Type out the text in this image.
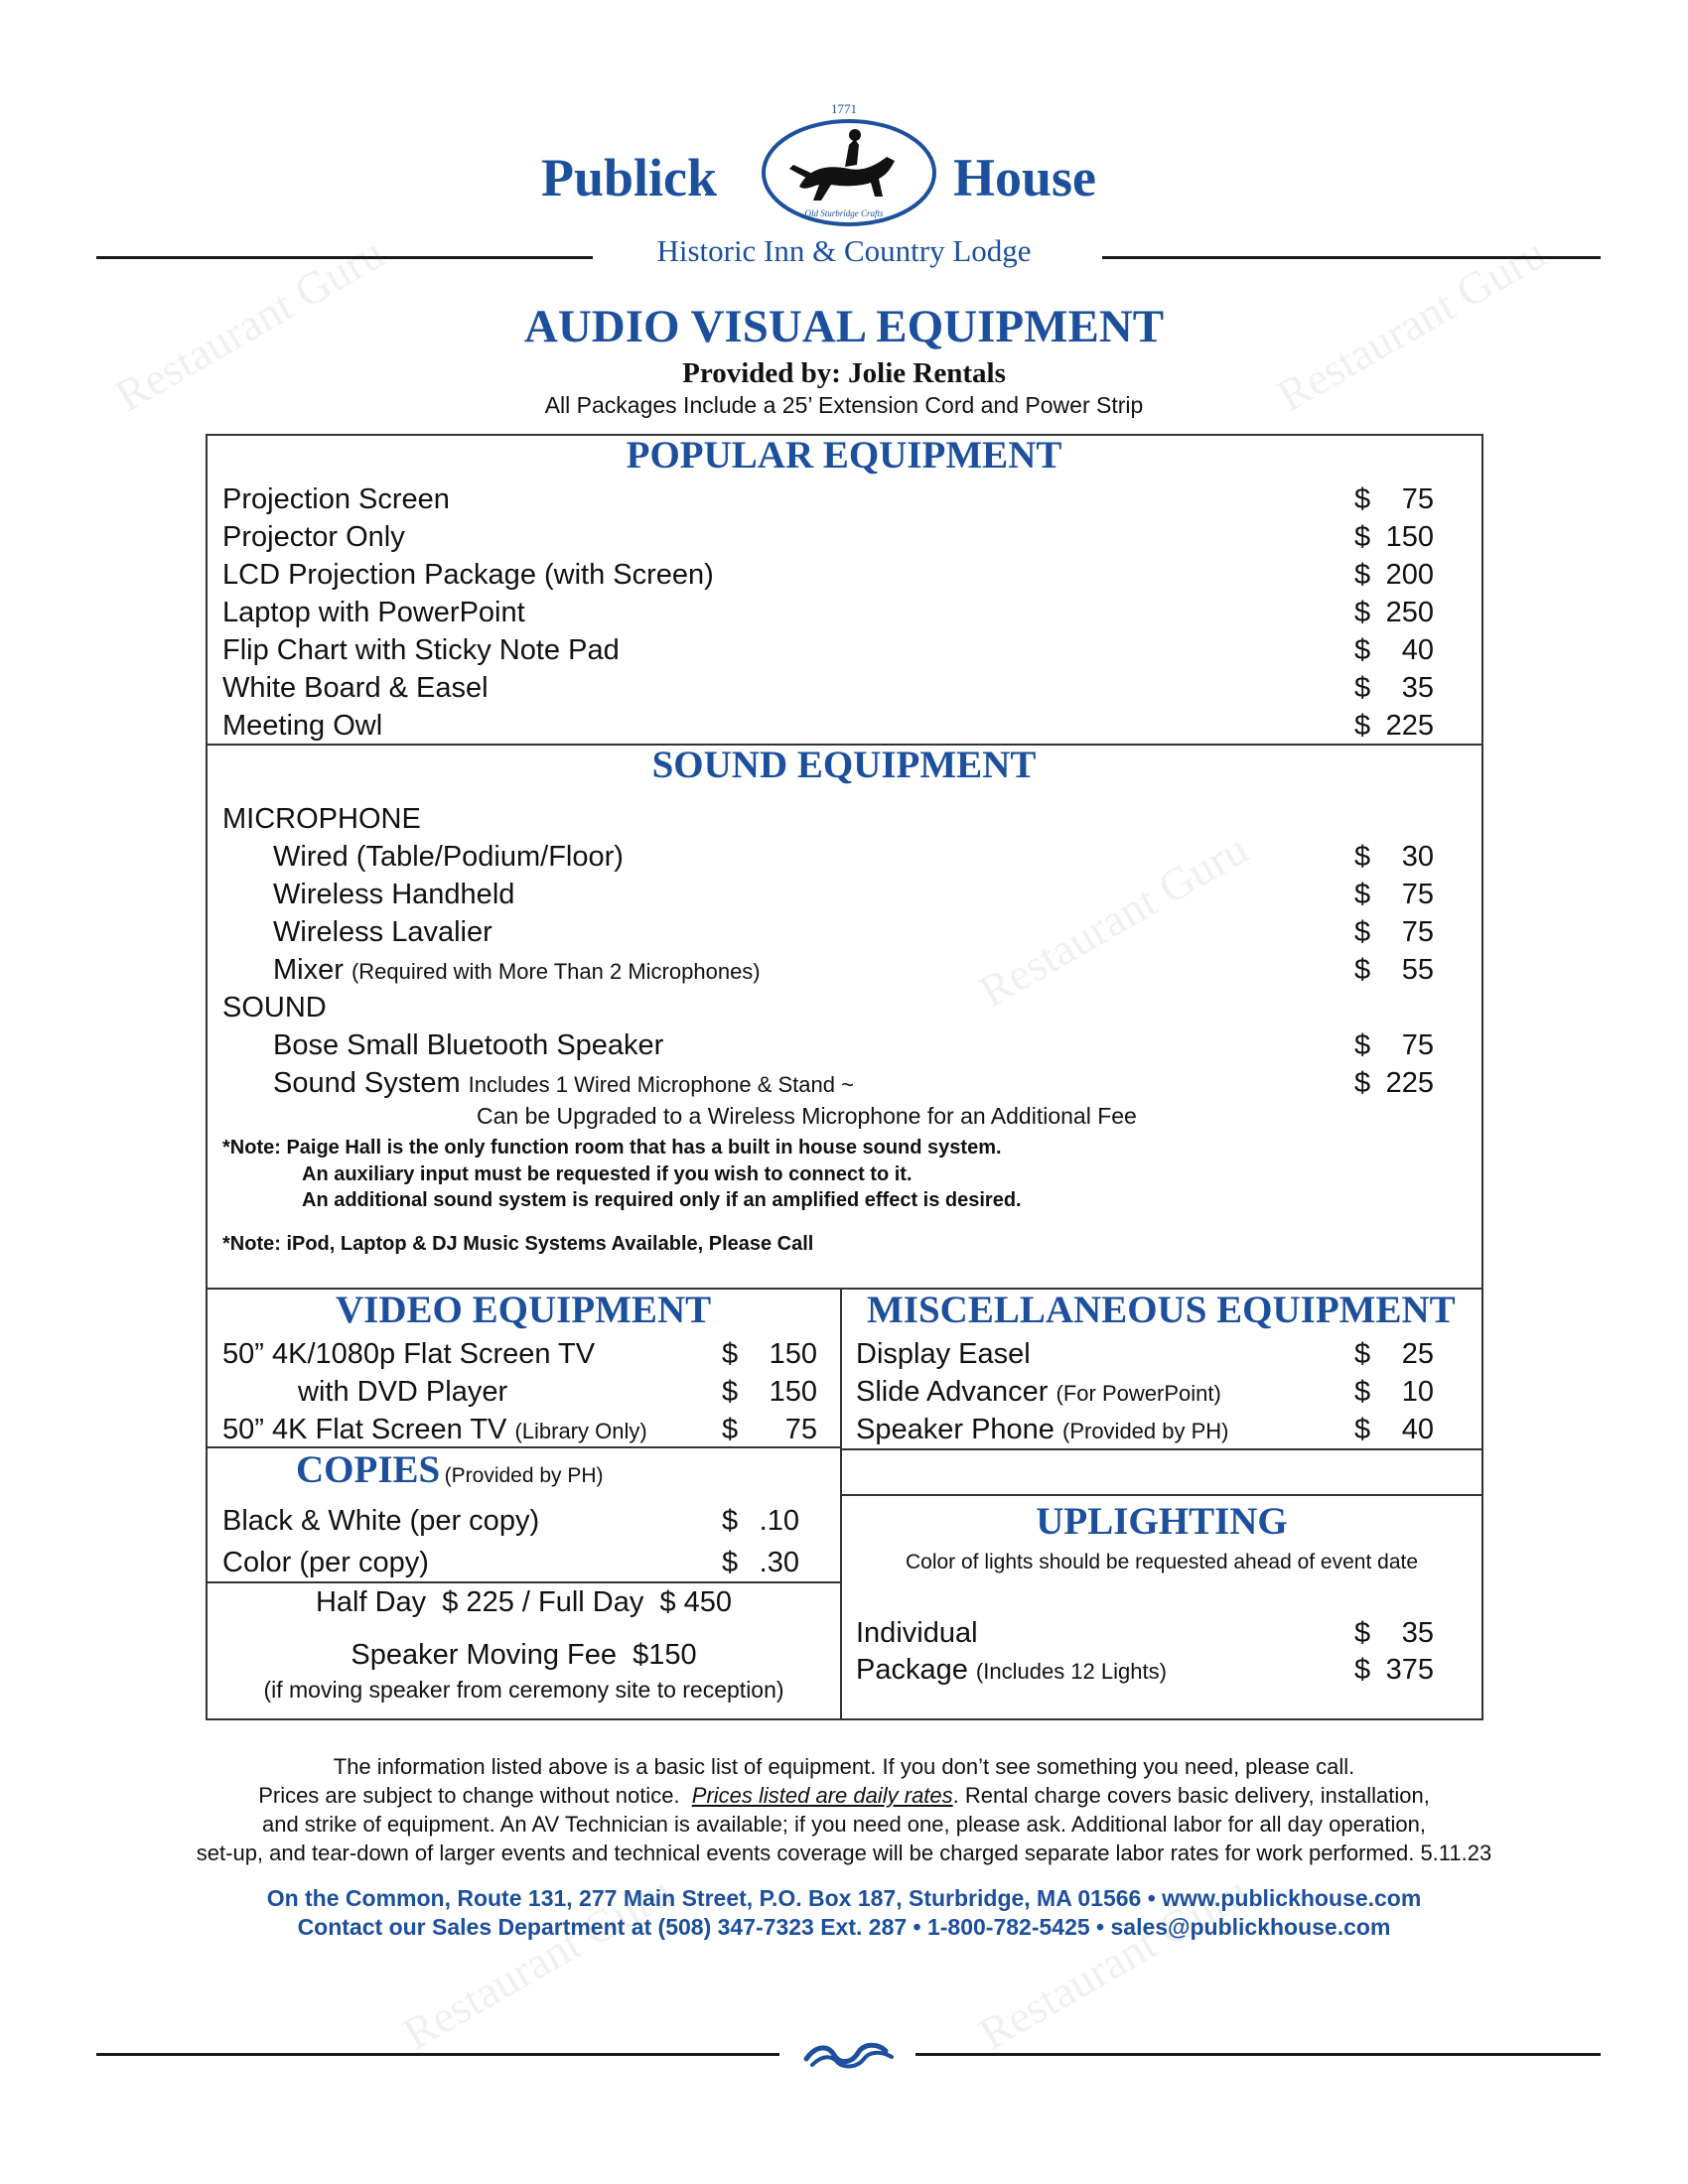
Restaurant Guru	Restaurant Guru
Restaurant Guru
Restaurant Guru	Restaurant Guru
1771
Publick	House
Old Sturbridge Crafts
Historic Inn & Country Lodge
AUDIO VISUAL EQUIPMENT
Provided by: Jolie Rentals
All Packages Include a 25’ Extension Cord and Power Strip
POPULAR EQUIPMENT
Projection Screen	$ 75
Projector Only	$ 150
LCD Projection Package (with Screen)	$ 200
Laptop with PowerPoint	$ 250
Flip Chart with Sticky Note Pad	$ 40
White Board & Easel	$ 35
Meeting Owl	$ 225
SOUND EQUIPMENT
MICROPHONE
Wired (Table/Podium/Floor)	$ 30
Wireless Handheld	$ 75
Wireless Lavalier	$ 75
Mixer (Required with More Than 2 Microphones)	$ 55
SOUND
Bose Small Bluetooth Speaker	$ 75
Sound System Includes 1 Wired Microphone & Stand ~	$ 225
Can be Upgraded to a Wireless Microphone for an Additional Fee
*Note: Paige Hall is the only function room that has a built in house sound system.
An auxiliary input must be requested if you wish to connect to it.
An additional sound system is required only if an amplified effect is desired.
*Note: iPod, Laptop & DJ Music Systems Available, Please Call
VIDEO EQUIPMENT
50” 4K/1080p Flat Screen TV	$ 150
with DVD Player	$ 150
50” 4K Flat Screen TV (Library Only)	$ 75
MISCELLANEOUS EQUIPMENT
Display Easel	$ 25
Slide Advancer (For PowerPoint)	$ 10
Speaker Phone (Provided by PH)	$ 40
COPIES (Provided by PH)
Black & White (per copy)	$ .10
Color (per copy)	$ .30
Half Day  $ 225 / Full Day  $ 450
Speaker Moving Fee  $150
(if moving speaker from ceremony site to reception)
UPLIGHTING
Color of lights should be requested ahead of event date
Individual	$ 35
Package (Includes 12 Lights)	$ 375
The information listed above is a basic list of equipment. If you don’t see something you need, please call.
Prices are subject to change without notice.  Prices listed are daily rates. Rental charge covers basic delivery, installation,
and strike of equipment. An AV Technician is available; if you need one, please ask. Additional labor for all day operation,
set-up, and tear-down of larger events and technical events coverage will be charged separate labor rates for work performed. 5.11.23
On the Common, Route 131, 277 Main Street, P.O. Box 187, Sturbridge, MA 01566 • www.publickhouse.com
Contact our Sales Department at (508) 347-7323 Ext. 287 • 1-800-782-5425 • sales@publickhouse.com
